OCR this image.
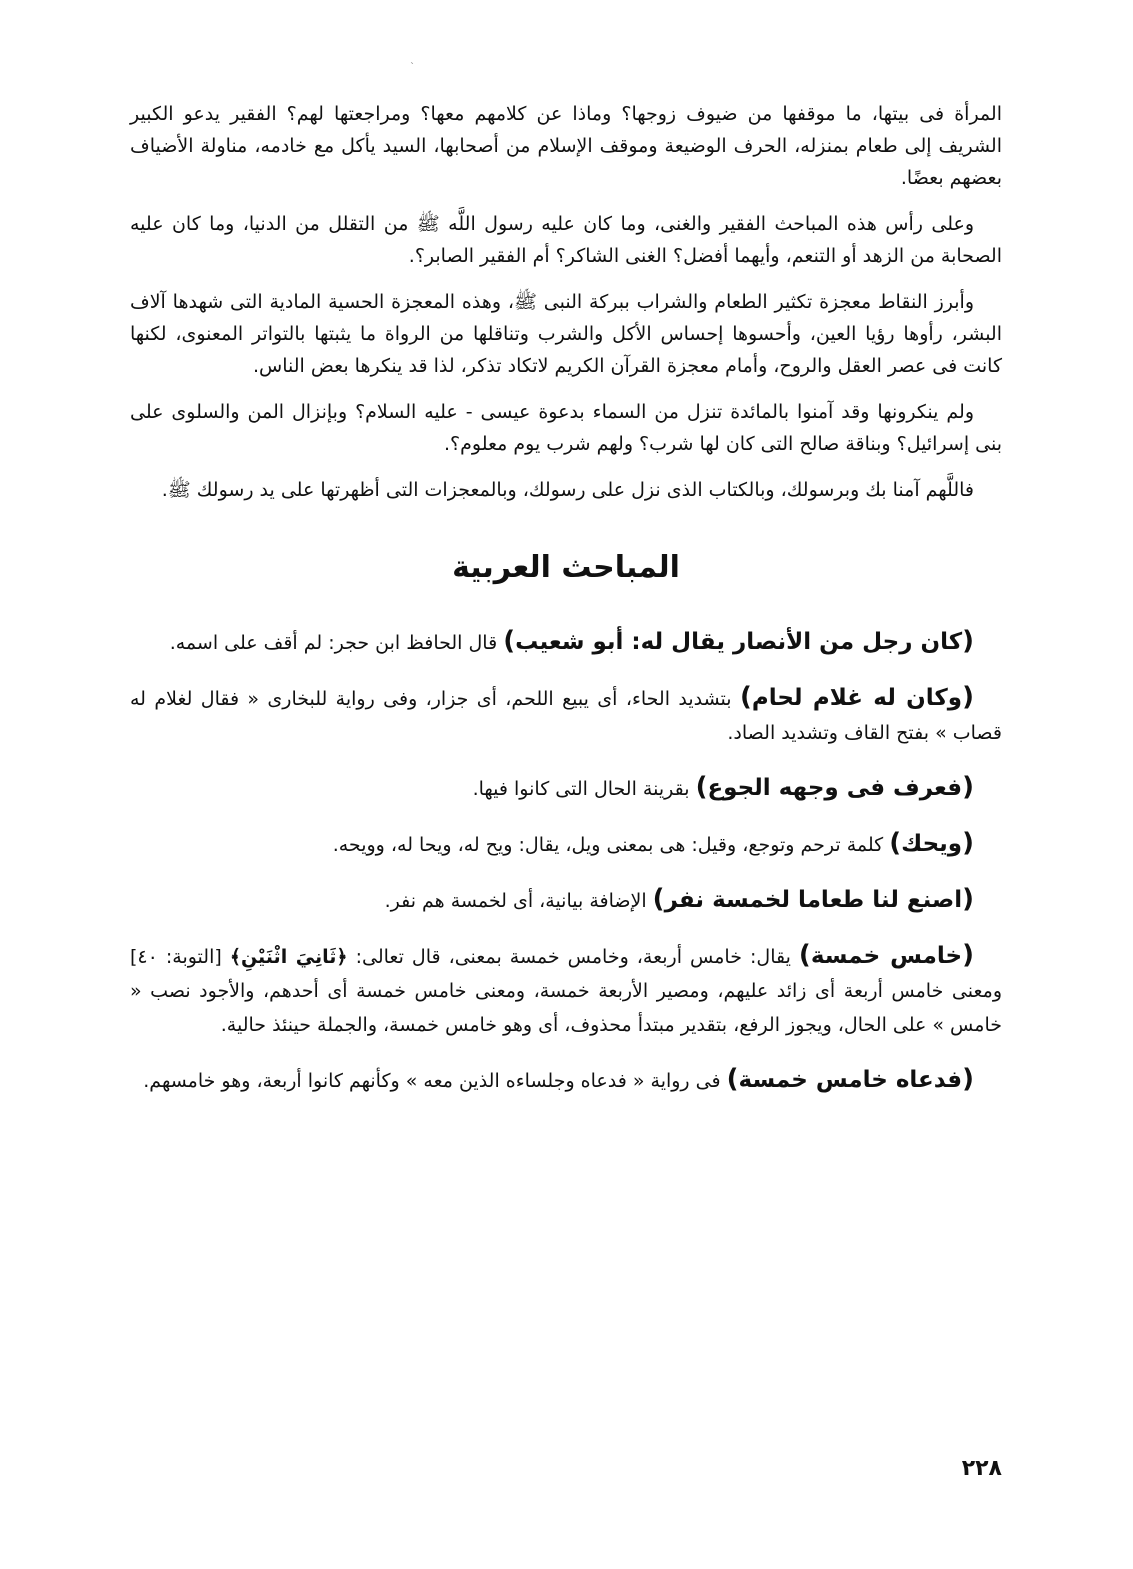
`

المرأة فى بيتها، ما موقفها من ضيوف زوجها؟ وماذا عن كلامهم معها؟ ومراجعتها لهم؟ الفقير يدعو الكبير الشريف إلى طعام بمنزله، الحرف الوضيعة وموقف الإسلام من أصحابها، السيد يأكل مع خادمه، مناولة الأضياف بعضهم بعضًا.

وعلى رأس هذه المباحث الفقير والغنى، وما كان عليه رسول اللَّه ﷺ من التقلل من الدنيا، وما كان عليه الصحابة من الزهد أو التنعم، وأيهما أفضل؟ الغنى الشاكر؟ أم الفقير الصابر؟.

وأبرز النقاط معجزة تكثير الطعام والشراب ببركة النبى ﷺ، وهذه المعجزة الحسية المادية التى شهدها آلاف البشر، رأوها رؤيا العين، وأحسوها إحساس الأكل والشرب وتناقلها من الرواة ما يثبتها بالتواتر المعنوى، لكنها كانت فى عصر العقل والروح، وأمام معجزة القرآن الكريم لاتكاد تذكر، لذا قد ينكرها بعض الناس.

ولم ينكرونها وقد آمنوا بالمائدة تنزل من السماء بدعوة عيسى - عليه السلام؟ وبإنزال المن والسلوى على بنى إسرائيل؟ وبناقة صالح التى كان لها شرب؟ ولهم شرب يوم معلوم؟.

فاللَّهم آمنا بك وبرسولك، وبالكتاب الذى نزل على رسولك، وبالمعجزات التى أظهرتها على يد رسولك ﷺ.

المباحث العربية

(كان رجل من الأنصار يقال له: أبو شعيب) قال الحافظ ابن حجر: لم أقف على اسمه.

(وكان له غلام لحام) بتشديد الحاء، أى يبيع اللحم، أى جزار، وفى رواية للبخارى « فقال لغلام له قصاب » بفتح القاف وتشديد الصاد.

(فعرف فى وجهه الجوع) بقرينة الحال التى كانوا فيها.

(ويحك) كلمة ترحم وتوجع، وقيل: هى بمعنى ويل، يقال: ويح له، ويحا له، وويحه.

(اصنع لنا طعاما لخمسة نفر) الإضافة بيانية، أى لخمسة هم نفر.

(خامس خمسة) يقال: خامس أربعة، وخامس خمسة بمعنى، قال تعالى: ﴿ثَانِيَ اثْنَيْنِ﴾ [التوبة: ٤٠] ومعنى خامس أربعة أى زائد عليهم، ومصير الأربعة خمسة، ومعنى خامس خمسة أى أحدهم، والأجود نصب « خامس » على الحال، ويجوز الرفع، بتقدير مبتدأ محذوف، أى وهو خامس خمسة، والجملة حينئذ حالية.

(فدعاه خامس خمسة) فى رواية « فدعاه وجلساءه الذين معه » وكأنهم كانوا أربعة، وهو خامسهم.

٢٢٨
